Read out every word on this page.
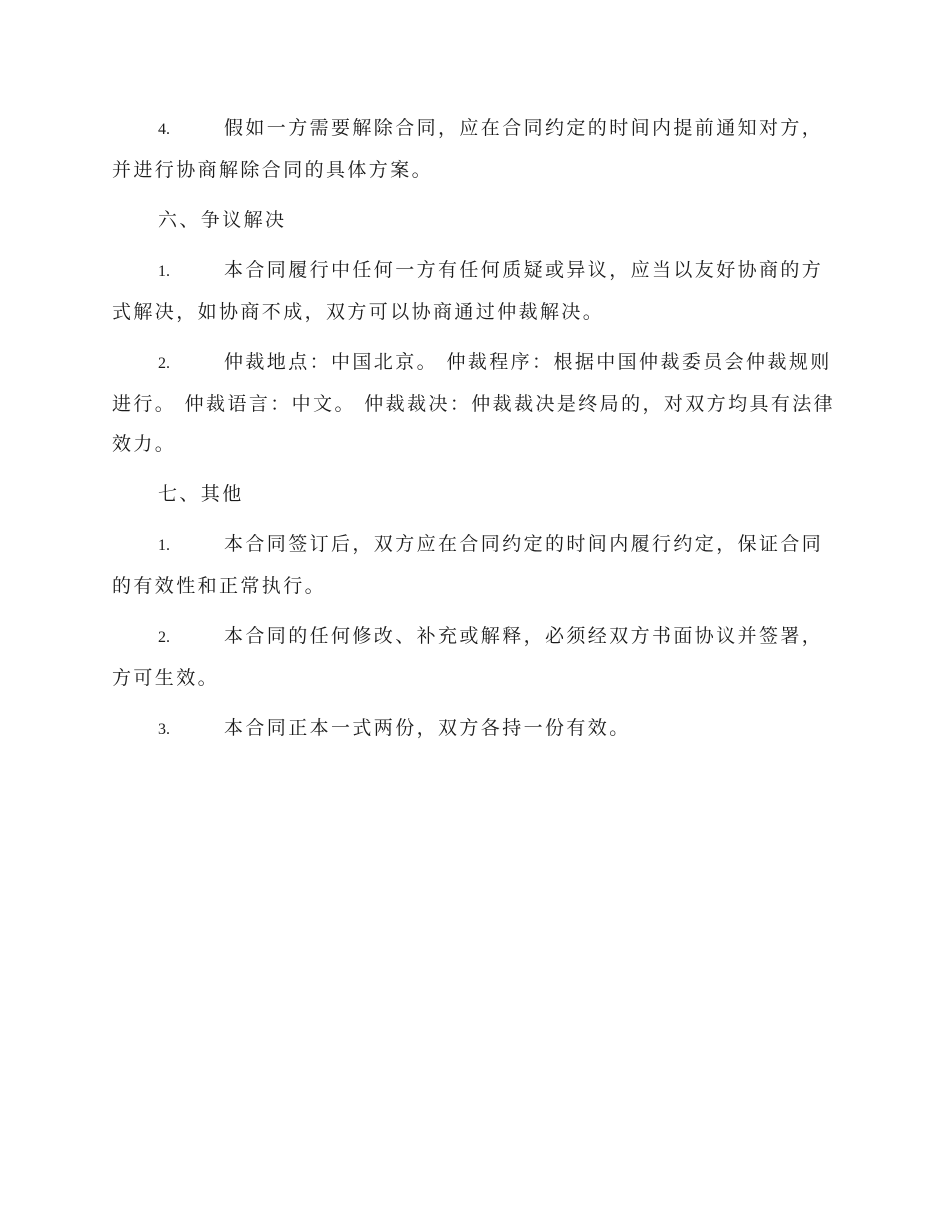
4.	假如一方需要解除合同，应在合同约定的时间内提前通知对方，并进行协商解除合同的具体方案。

六、争议解决

1.	本合同履行中任何一方有任何质疑或异议，应当以友好协商的方式解决，如协商不成，双方可以协商通过仲裁解决。

2.	仲裁地点：中国北京。 仲裁程序：根据中国仲裁委员会仲裁规则进行。 仲裁语言：中文。 仲裁裁决：仲裁裁决是终局的，对双方均具有法律效力。

七、其他

1.	本合同签订后，双方应在合同约定的时间内履行约定，保证合同的有效性和正常执行。

2.	本合同的任何修改、补充或解释，必须经双方书面协议并签署，方可生效。

3.	本合同正本一式两份，双方各持一份有效。
